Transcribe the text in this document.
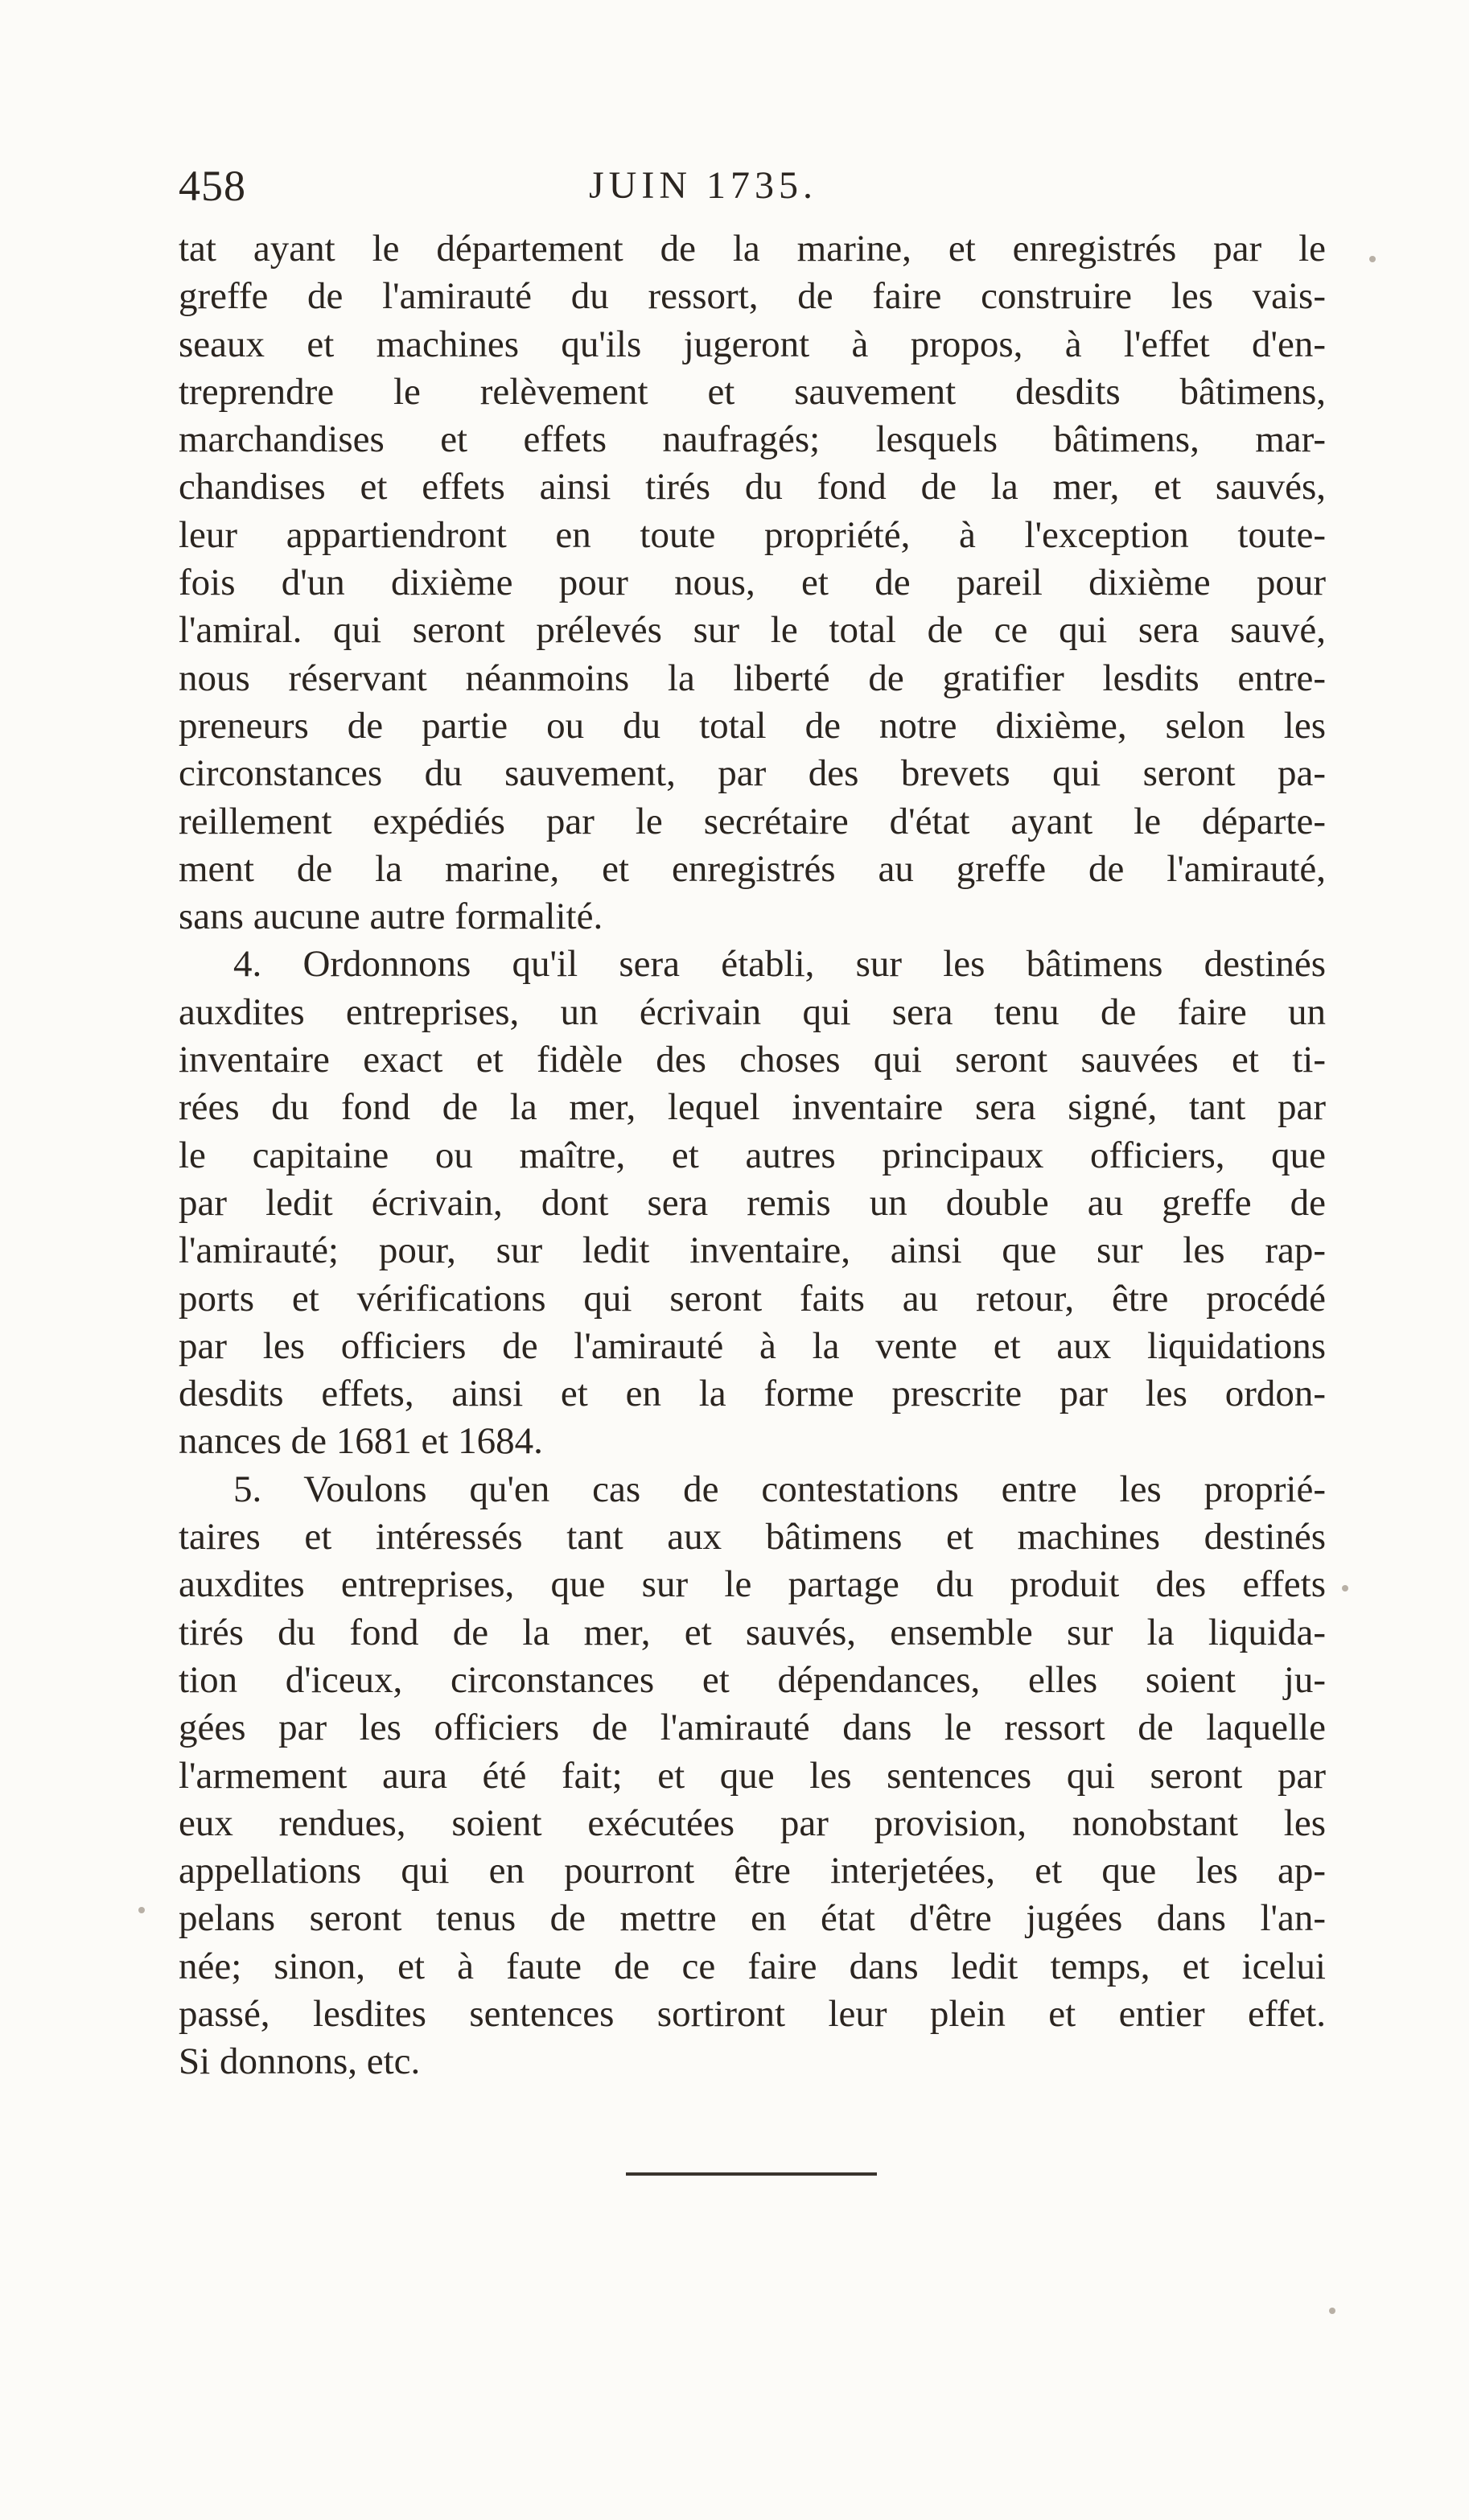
458	JUIN 1735.
tat ayant le département de la marine, et enregistrés par le
greffe de l'amirauté du ressort, de faire construire les vais-
seaux et machines qu'ils jugeront à propos, à l'effet d'en-
treprendre le relèvement et sauvement desdits bâtimens,
marchandises et effets naufragés; lesquels bâtimens, mar-
chandises et effets ainsi tirés du fond de la mer, et sauvés,
leur appartiendront en toute propriété, à l'exception toute-
fois d'un dixième pour nous, et de pareil dixième pour
l'amiral. qui seront prélevés sur le total de ce qui sera sauvé,
nous réservant néanmoins la liberté de gratifier lesdits entre-
preneurs de partie ou du total de notre dixième, selon les
circonstances du sauvement, par des brevets qui seront pa-
reillement expédiés par le secrétaire d'état ayant le départe-
ment de la marine, et enregistrés au greffe de l'amirauté,
sans aucune autre formalité.
4. Ordonnons qu'il sera établi, sur les bâtimens destinés
auxdites entreprises, un écrivain qui sera tenu de faire un
inventaire exact et fidèle des choses qui seront sauvées et ti-
rées du fond de la mer, lequel inventaire sera signé, tant par
le capitaine ou maître, et autres principaux officiers, que
par ledit écrivain, dont sera remis un double au greffe de
l'amirauté; pour, sur ledit inventaire, ainsi que sur les rap-
ports et vérifications qui seront faits au retour, être procédé
par les officiers de l'amirauté à la vente et aux liquidations
desdits effets, ainsi et en la forme prescrite par les ordon-
nances de 1681 et 1684.
5. Voulons qu'en cas de contestations entre les proprié-
taires et intéressés tant aux bâtimens et machines destinés
auxdites entreprises, que sur le partage du produit des effets
tirés du fond de la mer, et sauvés, ensemble sur la liquida-
tion d'iceux, circonstances et dépendances, elles soient ju-
gées par les officiers de l'amirauté dans le ressort de laquelle
l'armement aura été fait; et que les sentences qui seront par
eux rendues, soient exécutées par provision, nonobstant les
appellations qui en pourront être interjetées, et que les ap-
pelans seront tenus de mettre en état d'être jugées dans l'an-
née; sinon, et à faute de ce faire dans ledit temps, et icelui
passé, lesdites sentences sortiront leur plein et entier effet.
Si donnons, etc.
